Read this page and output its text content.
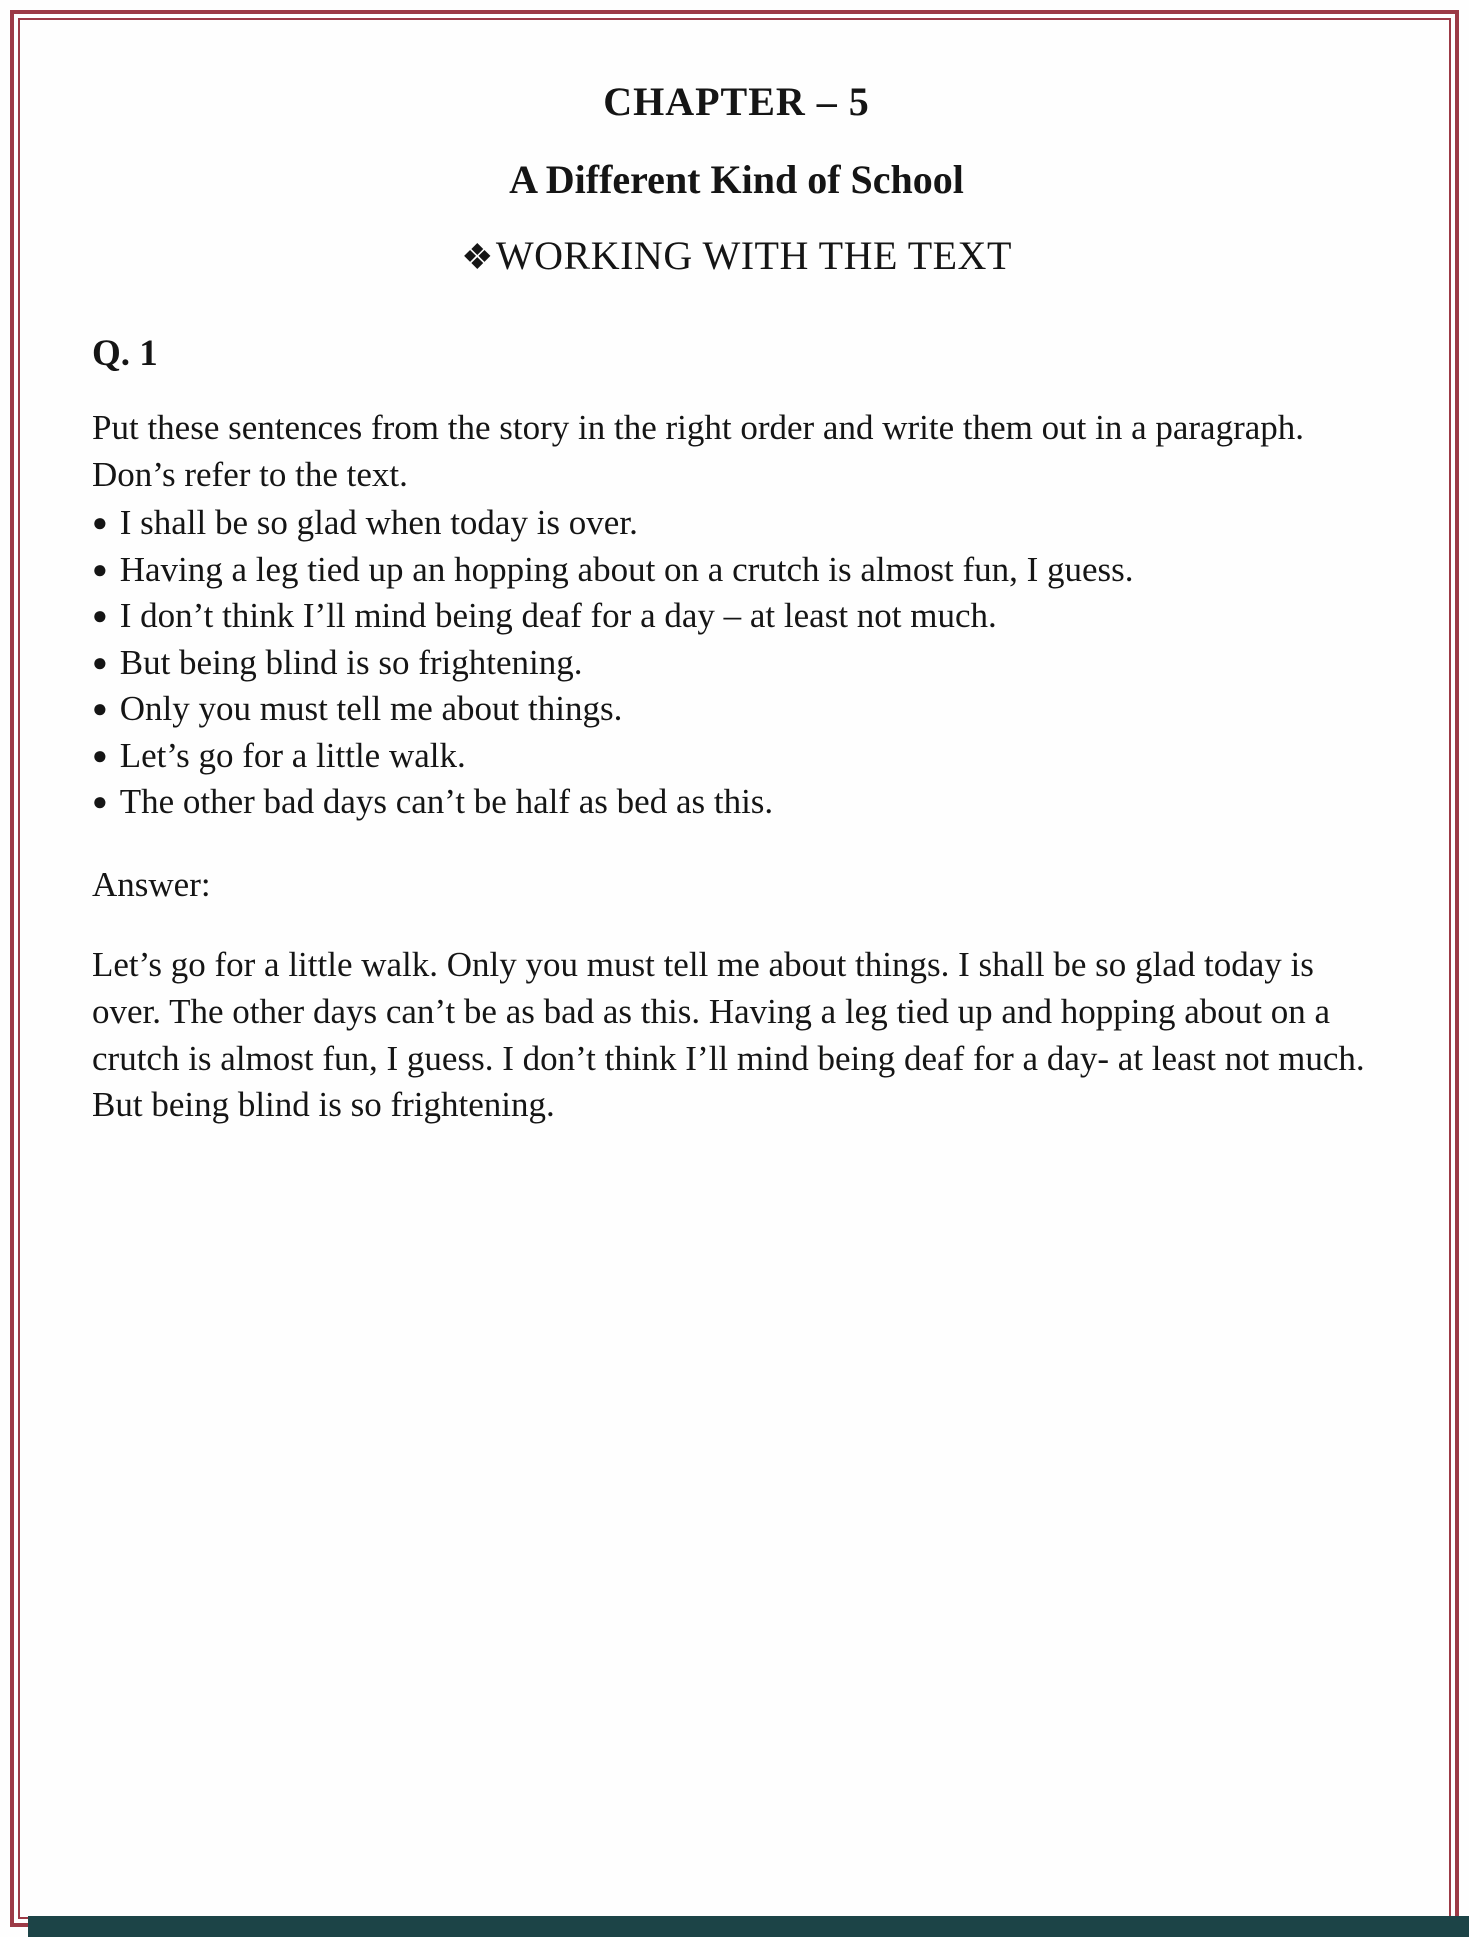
CHAPTER – 5
A Different Kind of School
❖WORKING WITH THE TEXT

Q. 1

Put these sentences from the story in the right order and write them out in a paragraph. Don’s refer to the text.

● I shall be so glad when today is over.

● Having a leg tied up an hopping about on a crutch is almost fun, I guess.

● I don’t think I’ll mind being deaf for a day – at least not much.

● But being blind is so frightening.

● Only you must tell me about things.

● Let’s go for a little walk.

● The other bad days can’t be half as bed as this.

Answer:

Let’s go for a little walk. Only you must tell me about things. I shall be so glad today is over. The other days can’t be as bad as this. Having a leg tied up and hopping about on a crutch is almost fun, I guess. I don’t think I’ll mind being deaf for a day- at least not much. But being blind is so frightening.
